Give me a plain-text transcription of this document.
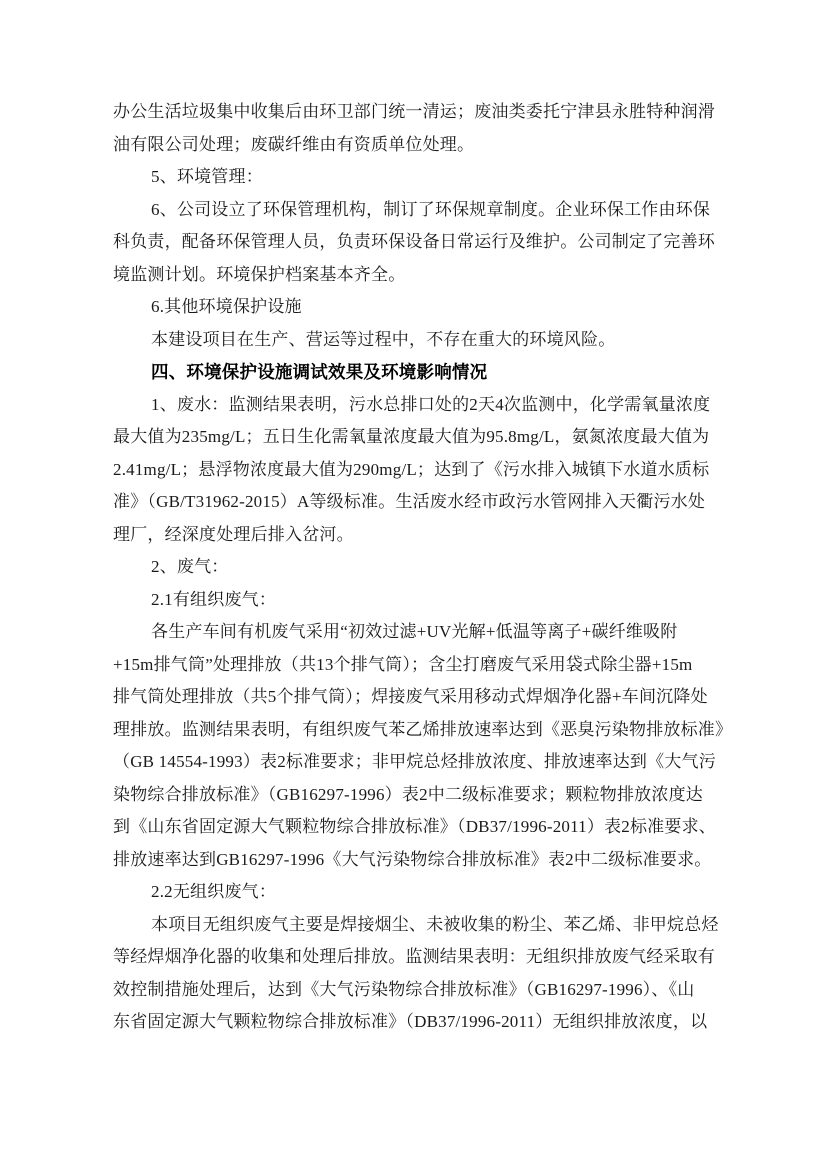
办公生活垃圾集中收集后由环卫部门统一清运；废油类委托宁津县永胜特种润滑
油有限公司处理；废碳纤维由有资质单位处理。
5、环境管理：
6、公司设立了环保管理机构，制订了环保规章制度。企业环保工作由环保
科负责，配备环保管理人员，负责环保设备日常运行及维护。公司制定了完善环
境监测计划。环境保护档案基本齐全。
6.其他环境保护设施
本建设项目在生产、营运等过程中，不存在重大的环境风险。
四、环境保护设施调试效果及环境影响情况
1、废水：监测结果表明，污水总排口处的2天4次监测中，化学需氧量浓度
最大值为235mg/L；五日生化需氧量浓度最大值为95.8mg/L，氨氮浓度最大值为
2.41mg/L；悬浮物浓度最大值为290mg/L；达到了《污水排入城镇下水道水质标
准》（GB/T31962-2015）A等级标准。生活废水经市政污水管网排入天衢污水处
理厂，经深度处理后排入岔河。
2、废气：
2.1有组织废气：
各生产车间有机废气采用“初效过滤+UV光解+低温等离子+碳纤维吸附
+15m排气筒”处理排放（共13个排气筒）；含尘打磨废气采用袋式除尘器+15m
排气筒处理排放（共5个排气筒）；焊接废气采用移动式焊烟净化器+车间沉降处
理排放。监测结果表明，有组织废气苯乙烯排放速率达到《恶臭污染物排放标准》
（GB 14554-1993）表2标准要求；非甲烷总烃排放浓度、排放速率达到《大气污
染物综合排放标准》（GB16297-1996）表2中二级标准要求；颗粒物排放浓度达
到《山东省固定源大气颗粒物综合排放标准》（DB37/1996-2011）表2标准要求、
排放速率达到GB16297-1996《大气污染物综合排放标准》表2中二级标准要求。
2.2无组织废气：
本项目无组织废气主要是焊接烟尘、未被收集的粉尘、苯乙烯、非甲烷总烃
等经焊烟净化器的收集和处理后排放。监测结果表明：无组织排放废气经采取有
效控制措施处理后，达到《大气污染物综合排放标准》（GB16297-1996）、《山
东省固定源大气颗粒物综合排放标准》（DB37/1996-2011）无组织排放浓度，以
